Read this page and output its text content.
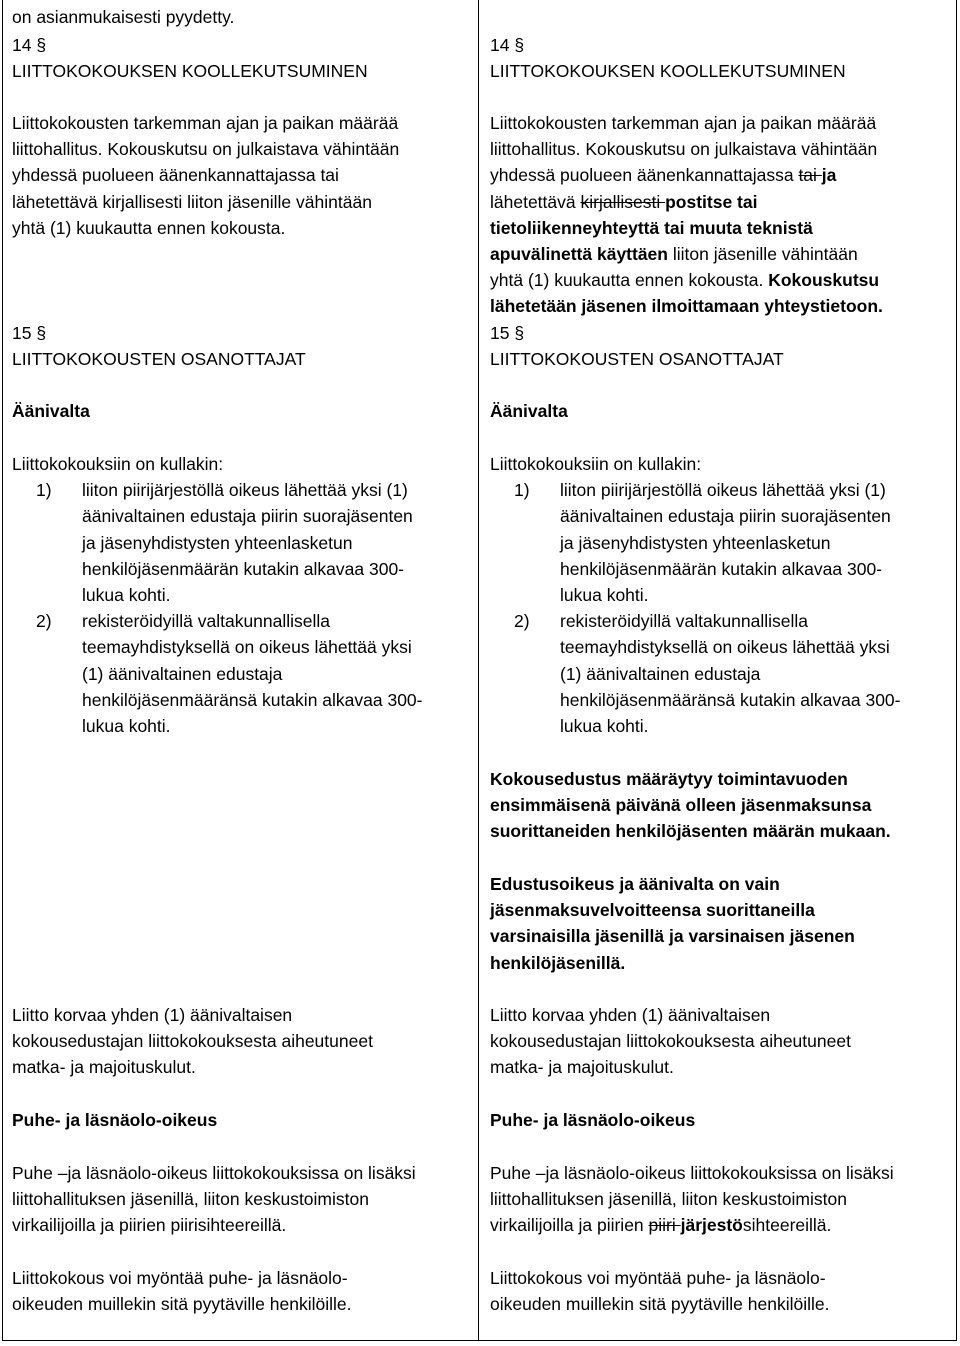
on asianmukaisesti pyydetty.

14 §

LIITTOKOKOUKSEN KOOLLEKUTSUMINEN

Liittokokousten tarkemman ajan ja paikan määrää

liittohallitus. Kokouskutsu on julkaistava vähintään

yhdessä puolueen äänenkannattajassa tai

lähetettävä kirjallisesti liiton jäsenille vähintään

yhtä (1) kuukautta ennen kokousta.

15 §

LIITTOKOKOUSTEN OSANOTTAJAT

Äänivalta

Liittokokouksiin on kullakin:

1) liiton piirijärjestöllä oikeus lähettää yksi (1)
äänivaltainen edustaja piirin suorajäsenten
ja jäsenyhdistysten yhteenlasketun
henkilöjäsenmäärän kutakin alkavaa 300-
lukua kohti.
2) rekisteröidyillä valtakunnallisella
teemayhdistyksellä on oikeus lähettää yksi
(1) äänivaltainen edustaja
henkilöjäsenmääränsä kutakin alkavaa 300-
lukua kohti.

Liitto korvaa yhden (1) äänivaltaisen

kokousedustajan liittokokouksesta aiheutuneet

matka- ja majoituskulut.

Puhe- ja läsnäolo-oikeus

Puhe –ja läsnäolo-oikeus liittokokouksissa on lisäksi

liittohallituksen jäsenillä, liiton keskustoimiston

virkailijoilla ja piirien piirisihteereillä.

Liittokokous voi myöntää puhe- ja läsnäolo-

oikeuden muillekin sitä pyytäville henkilöille.

14 §

LIITTOKOKOUKSEN KOOLLEKUTSUMINEN

Liittokokousten tarkemman ajan ja paikan määrää

liittohallitus. Kokouskutsu on julkaistava vähintään

yhdessä puolueen äänenkannattajassa tai ja

lähetettävä kirjallisesti postitse tai

tietoliikenneyhteyttä tai muuta teknistä

apuvälinettä käyttäen liiton jäsenille vähintään

yhtä (1) kuukautta ennen kokousta. Kokouskutsu

lähetetään jäsenen ilmoittamaan yhteystietoon.

15 §

LIITTOKOKOUSTEN OSANOTTAJAT

Äänivalta

Liittokokouksiin on kullakin:

1) liiton piirijärjestöllä oikeus lähettää yksi (1)
äänivaltainen edustaja piirin suorajäsenten
ja jäsenyhdistysten yhteenlasketun
henkilöjäsenmäärän kutakin alkavaa 300-
lukua kohti.
2) rekisteröidyillä valtakunnallisella
teemayhdistyksellä on oikeus lähettää yksi
(1) äänivaltainen edustaja
henkilöjäsenmääränsä kutakin alkavaa 300-
lukua kohti.

Kokousedustus määräytyy toimintavuoden

ensimmäisenä päivänä olleen jäsenmaksunsa

suorittaneiden henkilöjäsenten määrän mukaan.

Edustusoikeus ja äänivalta on vain

jäsenmaksuvelvoitteensa suorittaneilla

varsinaisilla jäsenillä ja varsinaisen jäsenen

henkilöjäsenillä.

Liitto korvaa yhden (1) äänivaltaisen

kokousedustajan liittokokouksesta aiheutuneet

matka- ja majoituskulut.

Puhe- ja läsnäolo-oikeus

Puhe –ja läsnäolo-oikeus liittokokouksissa on lisäksi

liittohallituksen jäsenillä, liiton keskustoimiston

virkailijoilla ja piirien piiri järjestösihteereillä.

Liittokokous voi myöntää puhe- ja läsnäolo-

oikeuden muillekin sitä pyytäville henkilöille.
